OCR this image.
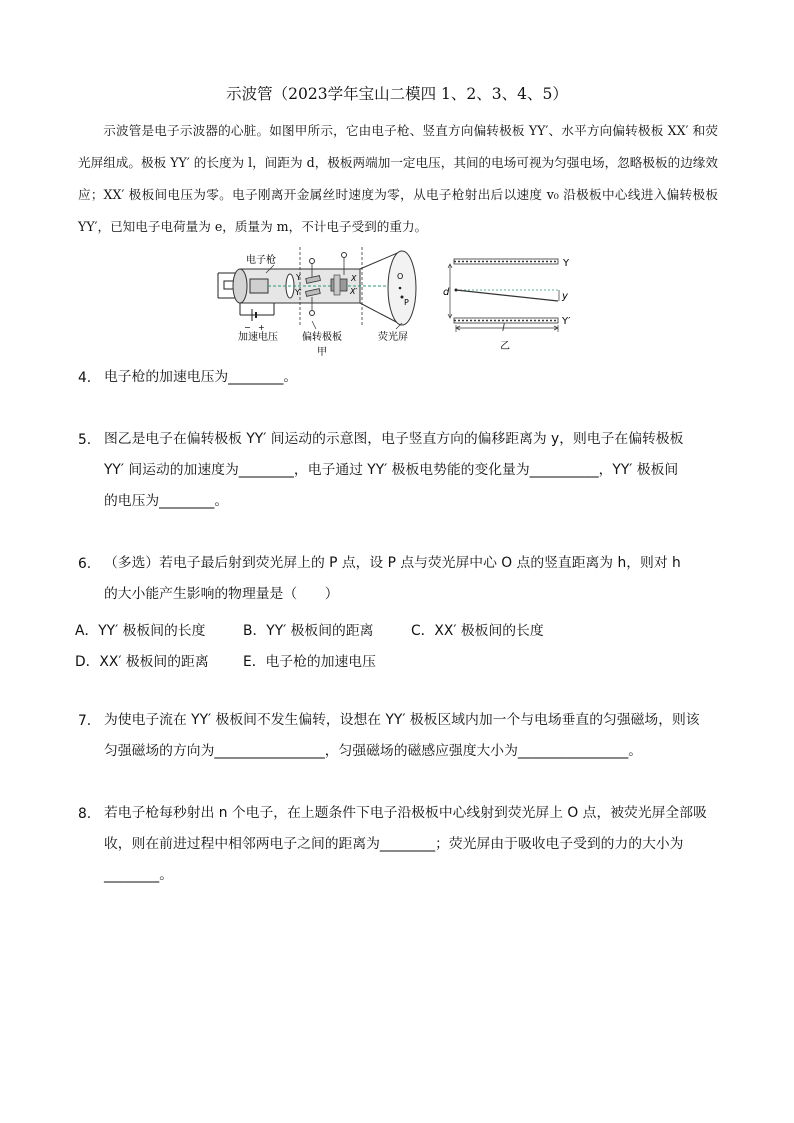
示波管（2023学年宝山二模四 1、2、3、4、5）

示波管是电子示波器的心脏。如图甲所示，它由电子枪、竖直方向偏转极板 YY′、水平方向偏转极板 XX′ 和荧光屏组成。极板 YY′ 的长度为 l，间距为 d，极板两端加一定电压，其间的电场可视为匀强电场，忽略极板的边缘效应；XX′ 极板间电压为零。电子刚离开金属丝时速度为零，从电子枪射出后以速度 v₀ 沿极板中心线进入偏转极板 YY′，已知电子电荷量为 e，质量为 m，不计电子受到的重力。

− +
Y
Y′
X
X′
O
P
电子枪
加速电压 偏转极板	荧光屏
甲
Y
Y′
d	y
l
乙
4. 电子枪的加速电压为________。
5. 图乙是电子在偏转极板 YY′ 间运动的示意图，电子竖直方向的偏移距离为 y，则电子在偏转极板
YY′ 间运动的加速度为________，电子通过 YY′ 极板电势能的变化量为__________，YY′ 极板间
的电压为________。
6. （多选）若电子最后射到荧光屏上的 P 点，设 P 点与荧光屏中心 O 点的竖直距离为 h，则对 h
的大小能产生影响的物理量是（　　）
A．YY′ 极板间的长度	B．YY′ 极板间的距离	C．XX′ 极板间的长度
D．XX′ 极板间的距离 E．电子枪的加速电压
7. 为使电子流在 YY′ 极板间不发生偏转，设想在 YY′ 极板区域内加一个与电场垂直的匀强磁场，则该
匀强磁场的方向为________________，匀强磁场的磁感应强度大小为________________。
8. 若电子枪每秒射出 n 个电子，在上题条件下电子沿极板中心线射到荧光屏上 O 点，被荧光屏全部吸
收，则在前进过程中相邻两电子之间的距离为________；荧光屏由于吸收电子受到的力的大小为
________。
